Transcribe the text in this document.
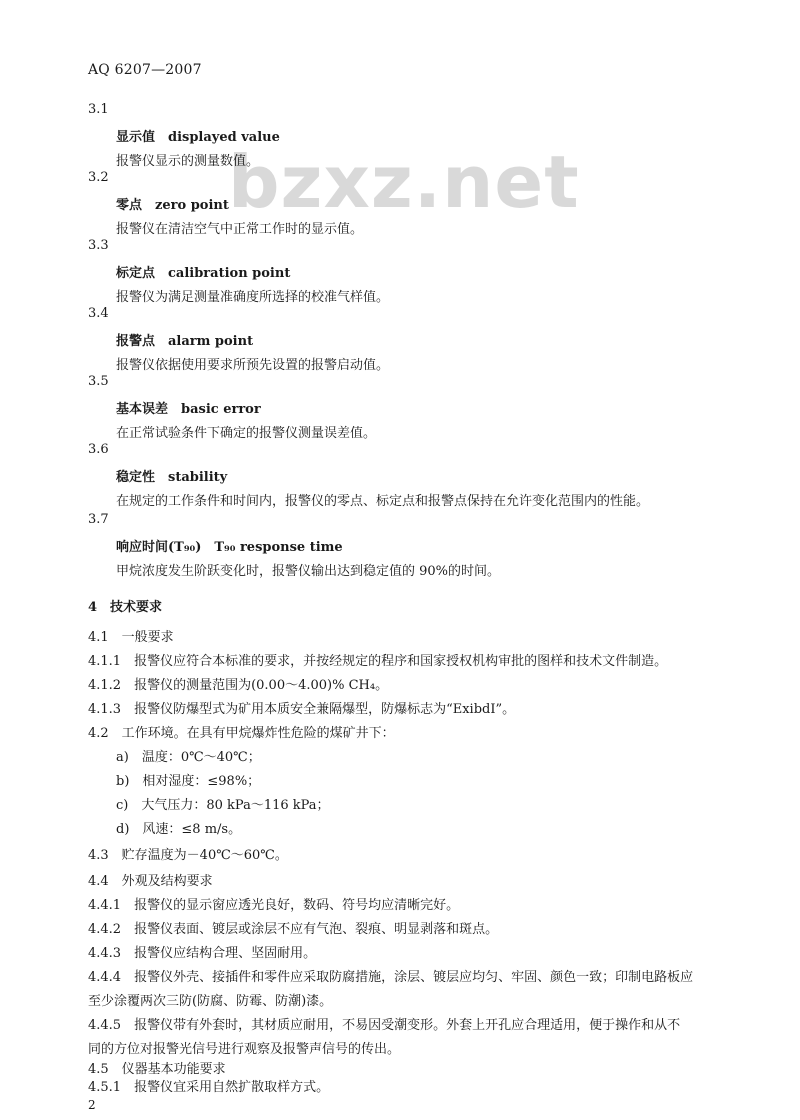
AQ 6207—2007
bzxz.net
3.1
显示值　displayed value
报警仪显示的测量数值。
3.2
零点　zero point
报警仪在清洁空气中正常工作时的显示值。
3.3
标定点　calibration point
报警仪为满足测量准确度所选择的校准气样值。
3.4
报警点　alarm point
报警仪依据使用要求所预先设置的报警启动值。
3.5
基本误差　basic error
在正常试验条件下确定的报警仪测量误差值。
3.6
稳定性　stability
在规定的工作条件和时间内，报警仪的零点、标定点和报警点保持在允许变化范围内的性能。
3.7
响应时间(T₉₀)　T₉₀ response time
甲烷浓度发生阶跃变化时，报警仪输出达到稳定值的 90%的时间。
4　技术要求
4.1　一般要求
4.1.1　报警仪应符合本标准的要求，并按经规定的程序和国家授权机构审批的图样和技术文件制造。
4.1.2　报警仪的测量范围为(0.00～4.00)% CH₄。
4.1.3　报警仪防爆型式为矿用本质安全兼隔爆型，防爆标志为“ExibdI”。
4.2　工作环境。在具有甲烷爆炸性危险的煤矿井下：
a)　温度：0℃～40℃；
b)　相对湿度：≤98%；
c)　大气压力：80 kPa～116 kPa；
d)　风速：≤8 m/s。
4.3　贮存温度为－40℃～60℃。
4.4　外观及结构要求
4.4.1　报警仪的显示窗应透光良好，数码、符号均应清晰完好。
4.4.2　报警仪表面、镀层或涂层不应有气泡、裂痕、明显剥落和斑点。
4.4.3　报警仪应结构合理、坚固耐用。
4.4.4　报警仪外壳、接插件和零件应采取防腐措施，涂层、镀层应均匀、牢固、颜色一致；印制电路板应
至少涂覆两次三防(防腐、防霉、防潮)漆。
4.4.5　报警仪带有外套时，其材质应耐用，不易因受潮变形。外套上开孔应合理适用，便于操作和从不
同的方位对报警光信号进行观察及报警声信号的传出。
4.5　仪器基本功能要求
4.5.1　报警仪宜采用自然扩散取样方式。
2
